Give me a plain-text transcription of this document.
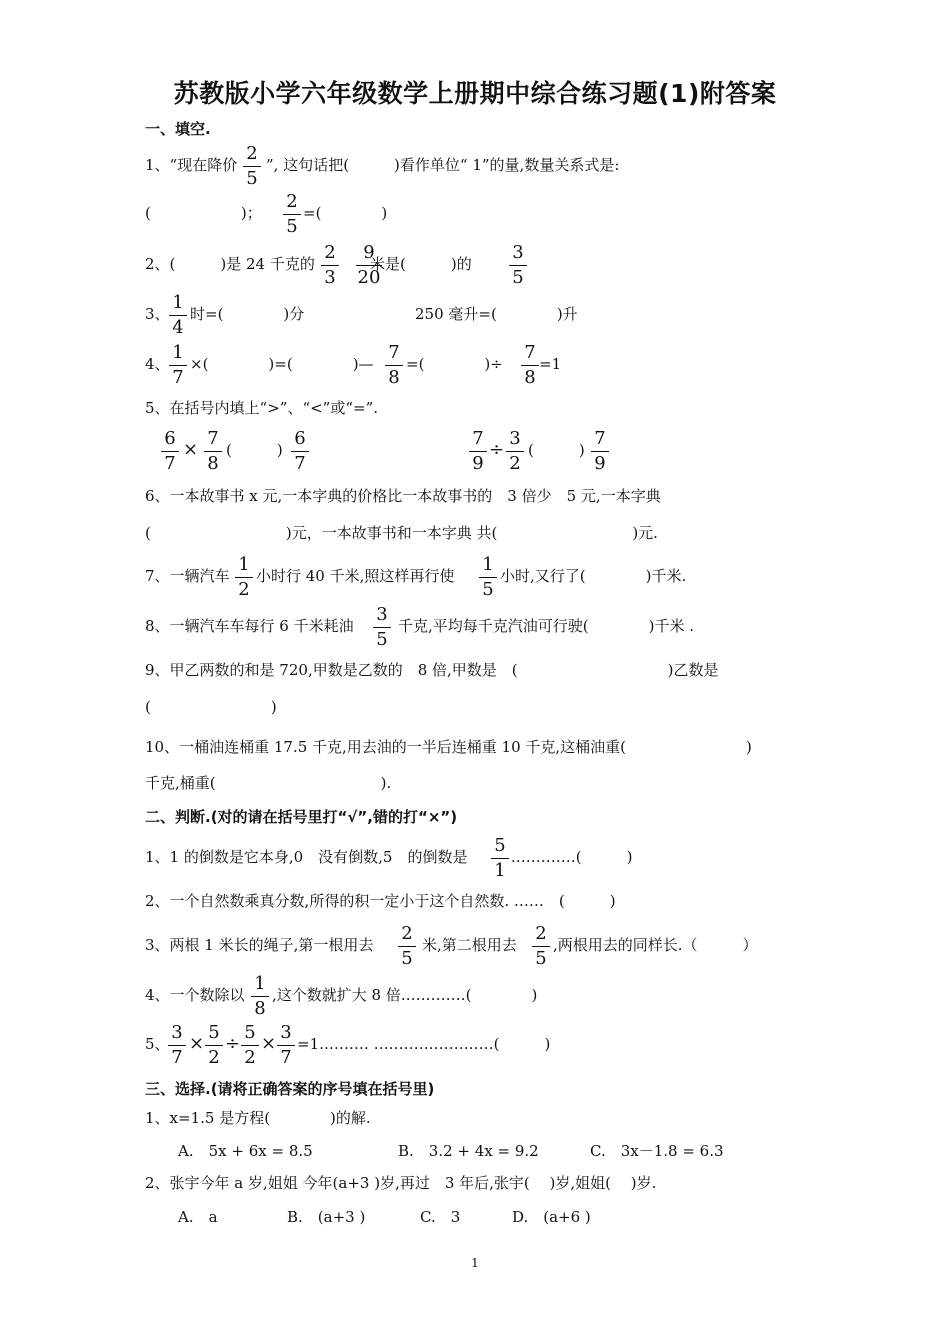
苏教版小学六年级数学上册期中综合练习题(1)附答案
一、填空.
1、“现在降价
2
5
”, 这句话把(　　　)看作单位“ 1”的量,数量关系式是:
(　　　　　　)；
2
5
=(　　　　)
2、(　　　)是 24 千克的
2
3
9
20
米是(　　　)的
3
5
3、
1
4
时=(　　　　)分	250 毫升=(　　　　)升
4、
1
7
×(　　　　)=(　　　　)—
7
8
=(　　　　)÷
7
8
=1
5、在括号内填上“>”、“<”或“=”.
6
7
×
7
8
(　　　)
6
7
7
9
÷
3
2
(　　　)
7
9
6、一本故事书 x 元,一本字典的价格比一本故事书的　3 倍少　5 元,一本字典
(　　　　　　　　　)元，一本故事书和一本字典 共(　　　　　　　　　)元.
7、一辆汽车
1
2
小时行 40 千米,照这样再行使
1
5
小时,又行了(　　　　)千米.
8、一辆汽车车每行 6 千米耗油
3
5
千克,平均每千克汽油可行驶(　　　　)千米 .
9、甲乙两数的和是 720,甲数是乙数的　8 倍,甲数是　(　　　　　　　　　　)乙数是
(　　　　　　　　)
10、一桶油连桶重 17.5 千克,用去油的一半后连桶重 10 千克,这桶油重(　　　　　　　　)
千克,桶重(　　　　　　　　　　　).
二、判断.(对的请在括号里打“√”,错的打“×”)
1、1 的倒数是它本身,0　没有倒数,5　的倒数是
5
1
.…………(　　　)
2、一个自然数乘真分数,所得的积一定小于这个自然数. ……　(　　　)
3、两根 1 米长的绳子,第一根用去
2
5
米,第二根用去
2
5
,两根用去的同样长.（　　　）
4、一个数除以
1
8
,这个数就扩大 8 倍.…………(　　　　)
5、
3
7
×
5
2
÷
5
2
×
3
7
=1.……… ……………………(　　　)
三、选择.(请将正确答案的序号填在括号里)
1、x=1.5 是方程(　　　　)的解.
A.　5x + 6x = 8.5	B.　3.2 + 4x = 9.2	C.　3x－1.8 = 6.3
2、张宇今年 a 岁,姐姐 今年(a+3 )岁,再过　3 年后,张宇(　 )岁,姐姐(　 )岁.
A.　a	B.　(a+3 )	C.　3	D.　(a+6 )
1
